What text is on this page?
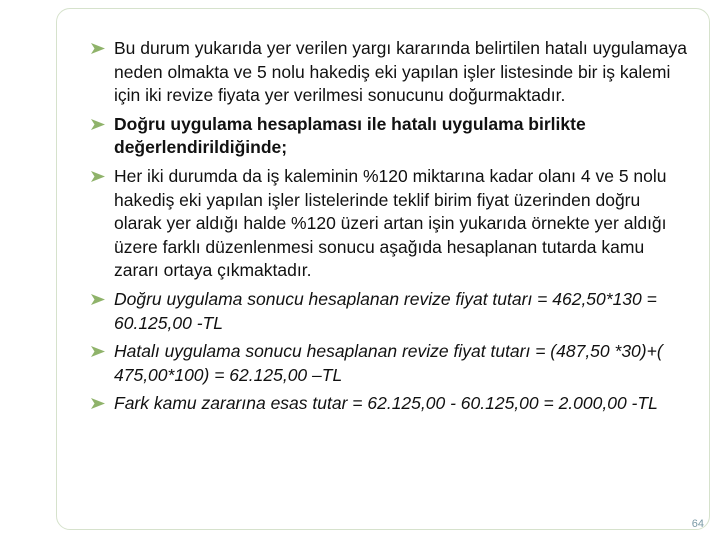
Bu durum yukarıda yer verilen yargı kararında belirtilen hatalı uygulamaya neden olmakta ve 5 nolu hakediş eki yapılan işler listesinde bir iş kalemi için iki revize fiyata yer verilmesi sonucunu doğurmaktadır.
Doğru uygulama hesaplaması ile hatalı uygulama birlikte değerlendirildiğinde;
Her iki durumda da iş kaleminin %120 miktarına kadar olanı 4 ve 5 nolu hakediş eki yapılan işler listelerinde teklif birim fiyat üzerinden doğru olarak yer aldığı halde %120 üzeri artan işin yukarıda örnekte yer aldığı üzere farklı düzenlenmesi sonucu aşağıda hesaplanan tutarda kamu zararı ortaya çıkmaktadır.
Doğru uygulama sonucu hesaplanan revize fiyat tutarı = 462,50*130 = 60.125,00 -TL
Hatalı uygulama sonucu hesaplanan revize fiyat tutarı = (487,50 *30)+( 475,00*100) = 62.125,00 –TL
Fark kamu zararına esas tutar = 62.125,00 - 60.125,00 = 2.000,00 -TL
64
